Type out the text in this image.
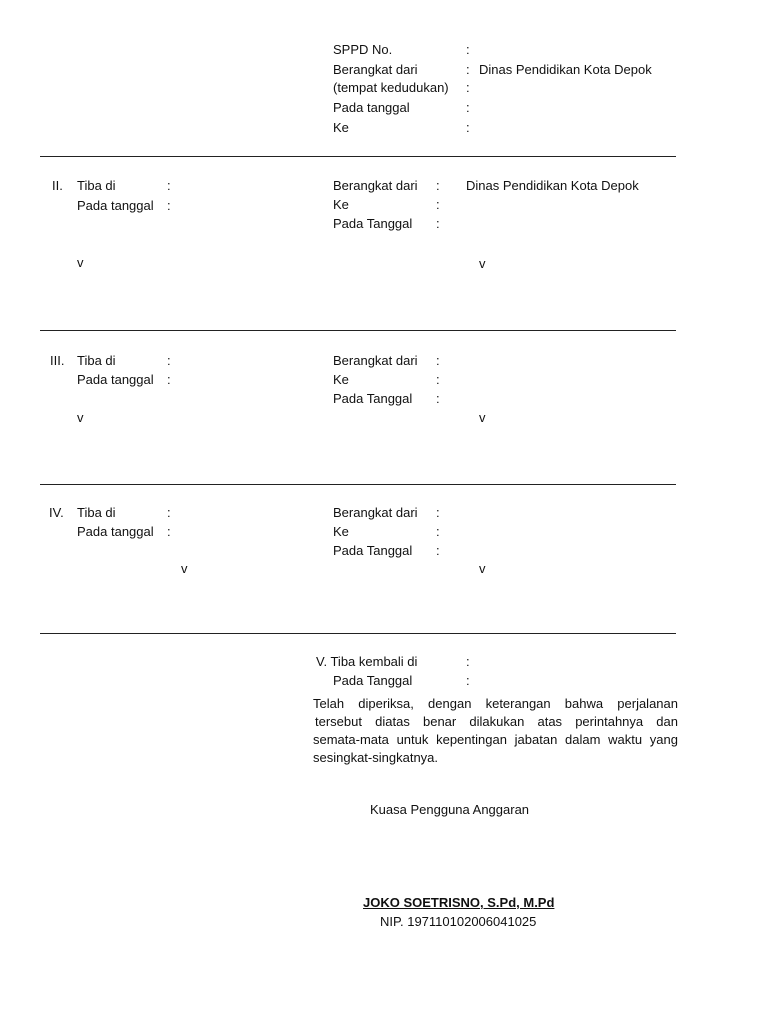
SPPD No.	:
Berangkat dari	: Dinas Pendidikan Kota Depok
(tempat kedudukan) :
Pada tanggal	:
Ke	:
II. Tiba di	:
Pada tanggal :
Berangkat dari : Dinas Pendidikan Kota Depok
Ke	:
Pada Tanggal :
v	v
III. Tiba di	:
Pada tanggal :
Berangkat dari :
Ke	:
Pada Tanggal :
v	v
IV. Tiba di	:
Pada tanggal :
Berangkat dari :
Ke	:
Pada Tanggal :
v	v
V. Tiba kembali di	:
Pada Tanggal	:
Telah diperiksa, dengan keterangan bahwa perjalanan
tersebut diatas benar dilakukan atas perintahnya dan
semata-mata untuk kepentingan jabatan dalam waktu yang
sesingkat-singkatnya.
Kuasa Pengguna Anggaran
JOKO SOETRISNO, S.Pd, M.Pd
NIP. 197110102006041025
